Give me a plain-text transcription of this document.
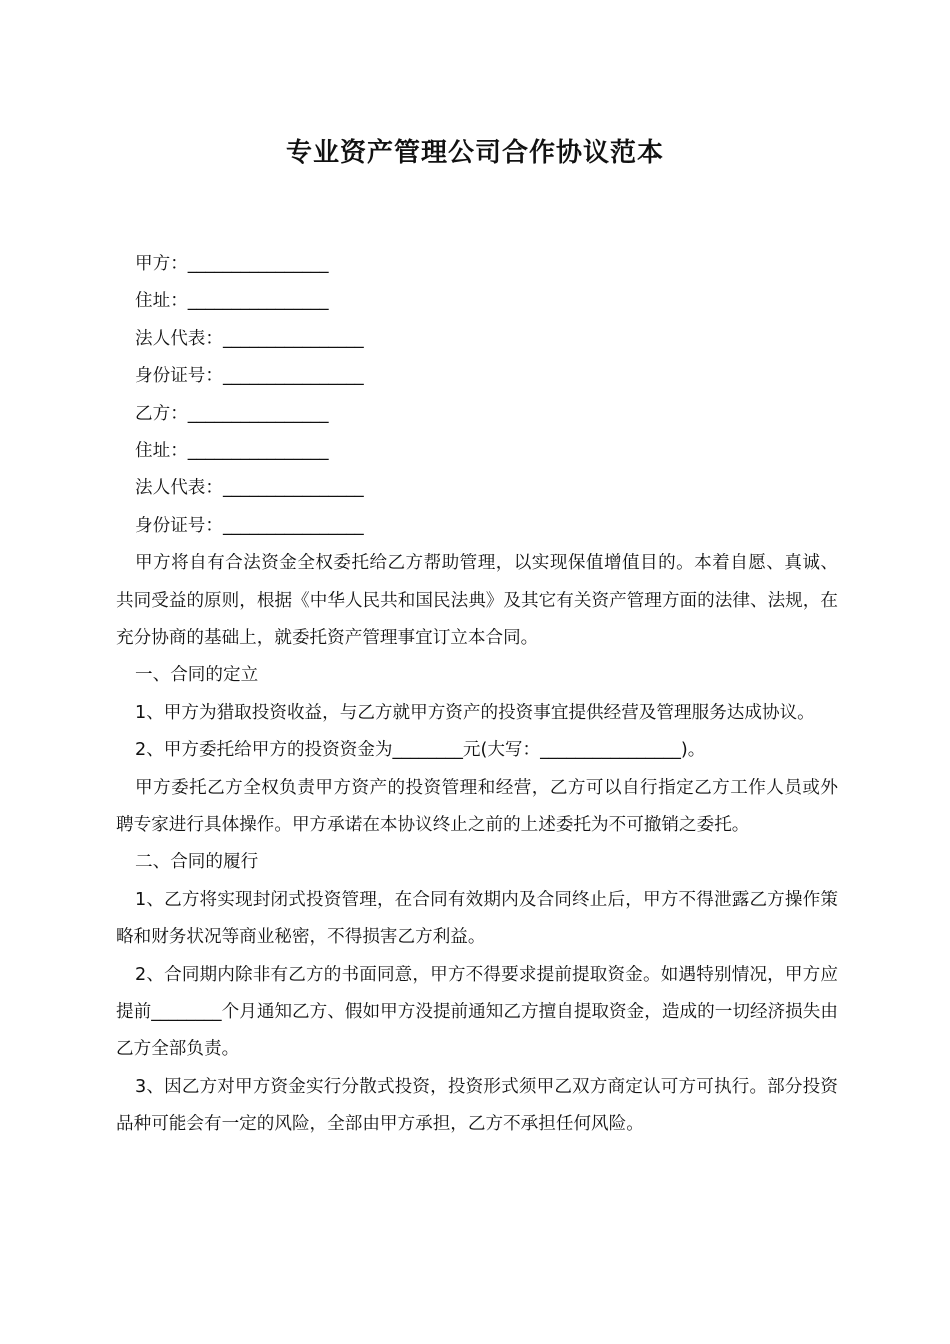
专业资产管理公司合作协议范本
甲方：________________
住址：________________
法人代表：________________
身份证号：________________
乙方：________________
住址：________________
法人代表：________________
身份证号：________________
甲方将自有合法资金全权委托给乙方帮助管理，以实现保值增值目的。本着自愿、真诚、共同受益的原则，根据《中华人民共和国民法典》及其它有关资产管理方面的法律、法规，在充分协商的基础上，就委托资产管理事宜订立本合同。
一、合同的定立
1、甲方为猎取投资收益，与乙方就甲方资产的投资事宜提供经营及管理服务达成协议。
2、甲方委托给甲方的投资资金为________元(大写：________________)。
甲方委托乙方全权负责甲方资产的投资管理和经营，乙方可以自行指定乙方工作人员或外聘专家进行具体操作。甲方承诺在本协议终止之前的上述委托为不可撤销之委托。
二、合同的履行
1、乙方将实现封闭式投资管理，在合同有效期内及合同终止后，甲方不得泄露乙方操作策略和财务状况等商业秘密，不得损害乙方利益。
2、合同期内除非有乙方的书面同意，甲方不得要求提前提取资金。如遇特别情况，甲方应提前________个月通知乙方、假如甲方没提前通知乙方擅自提取资金，造成的一切经济损失由乙方全部负责。
3、因乙方对甲方资金实行分散式投资，投资形式须甲乙双方商定认可方可执行。部分投资品种可能会有一定的风险，全部由甲方承担，乙方不承担任何风险。
